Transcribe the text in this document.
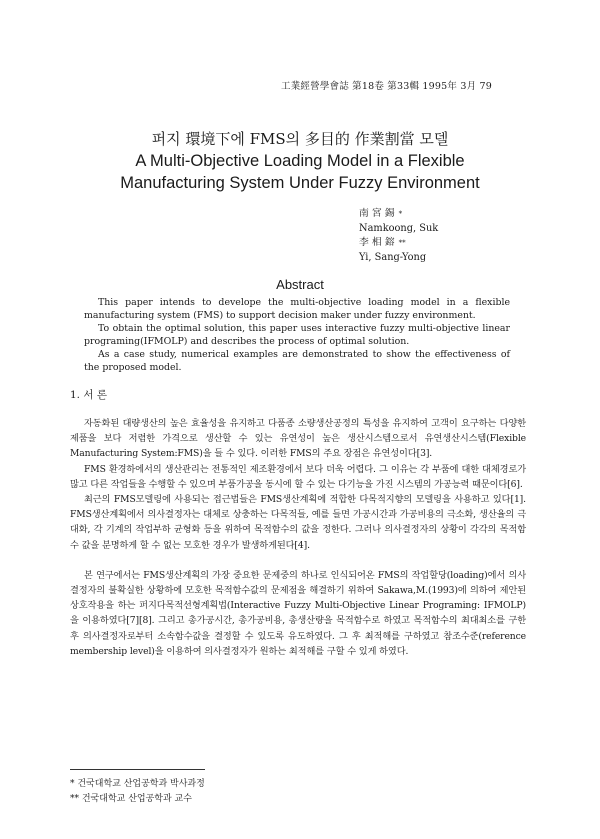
工業經營學會誌 第18卷 第33輯 1995年 3月 79
퍼지 環境下에 FMS의 多目的 作業割當 모델
A Multi-Objective Loading Model in a Flexible
Manufacturing System Under Fuzzy Environment
南 宮 錫 *
Namkoong, Suk
李 相 鎔 **
Yi, Sang-Yong
Abstract

This paper intends to develope the multi-objective loading model in a flexible manufacturing system (FMS) to support decision maker under fuzzy environment.

To obtain the optimal solution, this paper uses interactive fuzzy multi-objective linear programing(IFMOLP) and describes the process of optimal solution.

As a case study, numerical examples are demonstrated to show the effectiveness of the proposed model.

1. 서 론

자동화된 대량생산의 높은 효율성을 유지하고 다품종 소량생산공정의 특성을 유지하여 고객이 요구하는 다양한 제품을 보다 저렴한 가격으로 생산할 수 있는 유연성이 높은 생산시스템으로서 유연생산시스템(Flexible Manufacturing System:FMS)을 들 수 있다. 이러한 FMS의 주요 장점은 유연성이다[3].

FMS 환경하에서의 생산관리는 전통적인 제조환경에서 보다 더욱 어렵다. 그 이유는 각 부품에 대한 대체경로가 많고 다른 작업들을 수행할 수 있으며 부품가공을 동시에 할 수 있는 다기능을 가진 시스템의 가공능력 때문이다[6].

최근의 FMS모델링에 사용되는 접근법들은 FMS생산계획에 적합한 다목적지향의 모델링을 사용하고 있다[1]. FMS생산계획에서 의사결정자는 대체로 상충하는 다목적들, 예를 들면 가공시간과 가공비용의 극소화, 생산율의 극대화, 각 기계의 작업부하 균형화 등을 위하여 목적함수의 값을 정한다. 그러나 의사결정자의 상황이 각각의 목적함수 값을 분명하게 할 수 없는 모호한 경우가 발생하게된다[4].

본 연구에서는 FMS생산계획의 가장 중요한 문제중의 하나로 인식되어온 FMS의 작업할당(loading)에서 의사결정자의 불확실한 상황하에 모호한 목적함수값의 문제점을 해결하기 위하여 Sakawa,M.(1993)에 의하여 제안된 상호작용을 하는 퍼지다목적선형계획법(Interactive Fuzzy Multi-Objective Linear Programing: IFMOLP)을 이용하였다[7][8]. 그리고 총가공시간, 총가공비용, 총생산량을 목적함수로 하였고 목적함수의 최대최소를 구한 후 의사결정자로부터 소속함수값을 결정할 수 있도록 유도하였다. 그 후 최적해를 구하였고 참조수준(reference membership level)을 이용하여 의사결정자가 원하는 최적해를 구할 수 있게 하였다.

* 건국대학교 산업공학과 박사과정
** 건국대학교 산업공학과 교수
